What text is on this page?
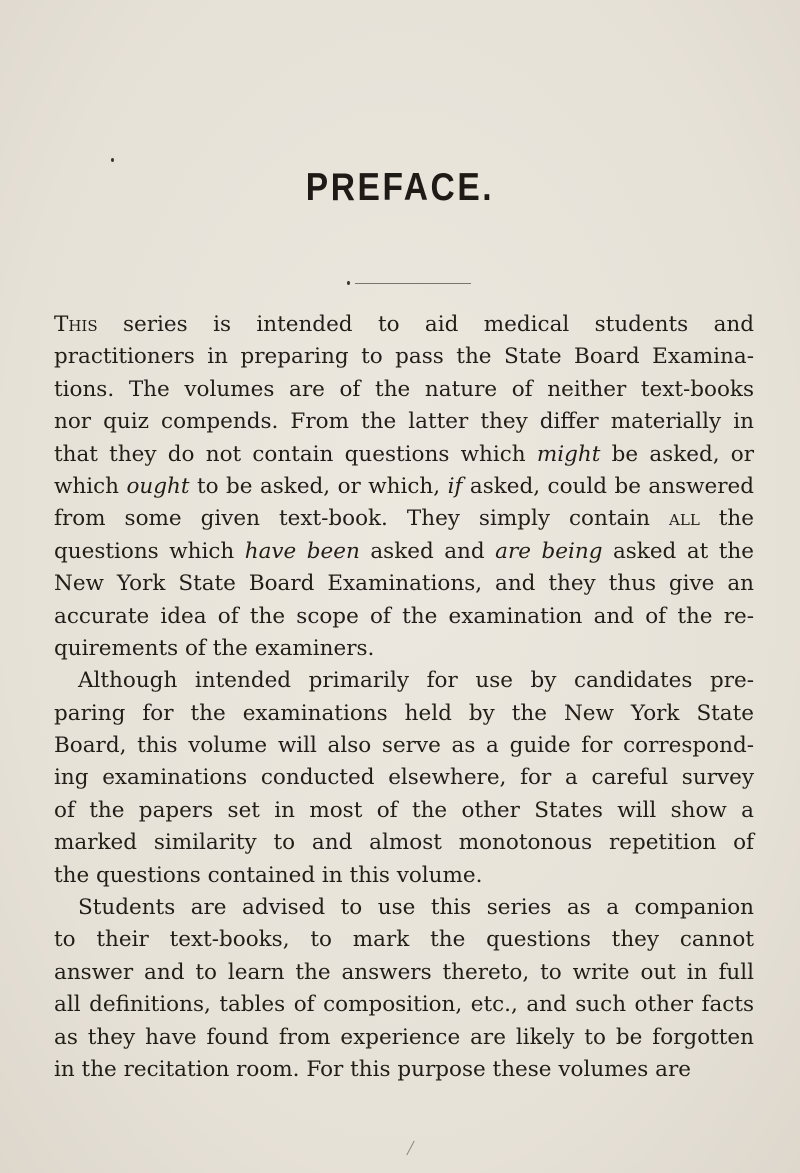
PREFACE.
This series is intended to aid medical students and
practitioners in preparing to pass the State Board Examina-
tions. The volumes are of the nature of neither text-books
nor quiz compends. From the latter they differ materially in
that they do not contain questions which might be asked, or
which ought to be asked, or which, if asked, could be answered
from some given text-book. They simply contain all the
questions which have been asked and are being asked at the
New York State Board Examinations, and they thus give an
accurate idea of the scope of the examination and of the re-
quirements of the examiners.
Although intended primarily for use by candidates pre-
paring for the examinations held by the New York State
Board, this volume will also serve as a guide for correspond-
ing examinations conducted elsewhere, for a careful survey
of the papers set in most of the other States will show a
marked similarity to and almost monotonous repetition of
the questions contained in this volume.
Students are advised to use this series as a companion
to their text-books, to mark the questions they cannot
answer and to learn the answers thereto, to write out in full
all definitions, tables of composition, etc., and such other facts
as they have found from experience are likely to be forgotten
in the recitation room. For this purpose these volumes are
